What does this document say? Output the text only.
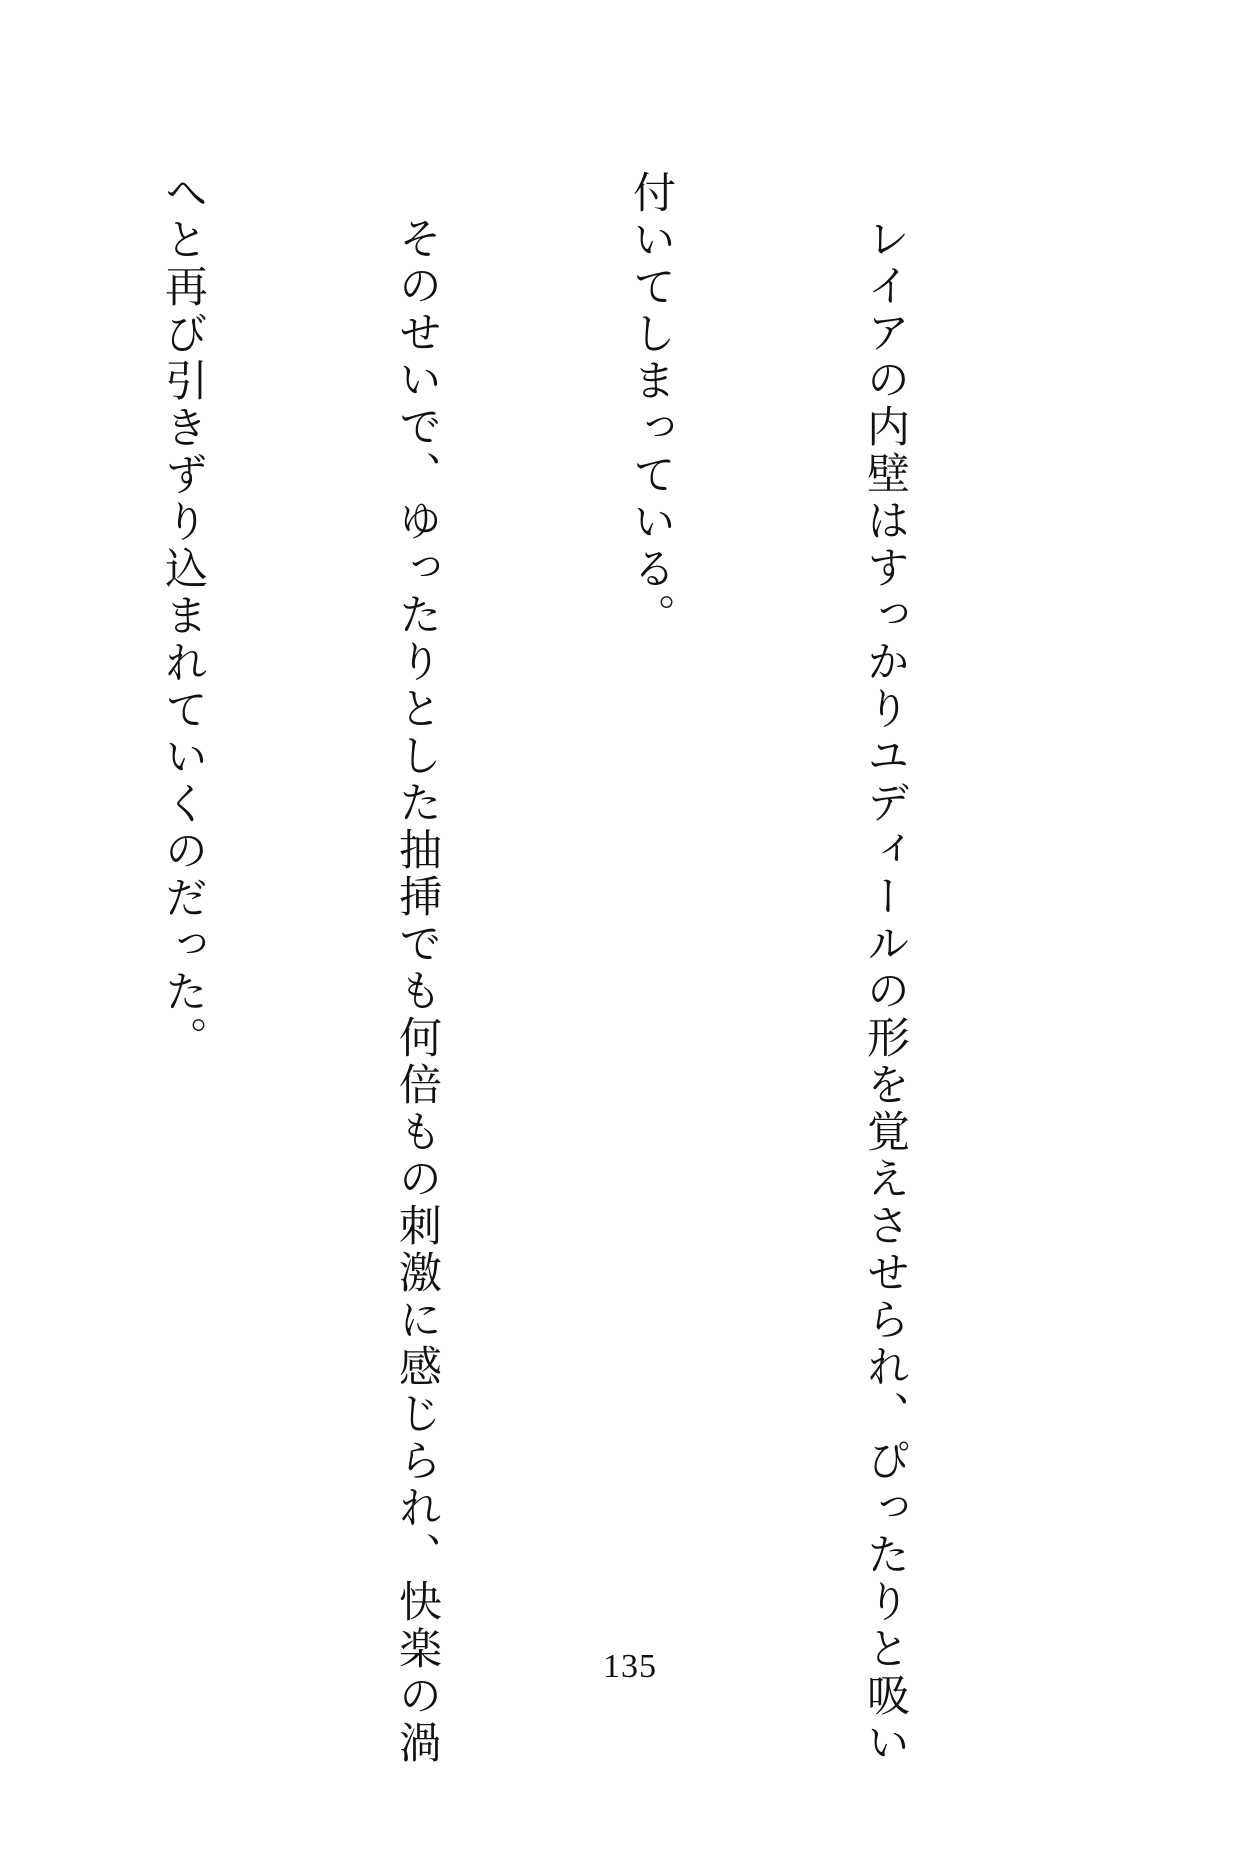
レイアの内壁はすっかりユディールの形を覚えさせられ、ぴったりと吸い

付いてしまっている。

そのせいで、ゆったりとした抽挿でも何倍もの刺激に感じられ、快楽の渦

へと再び引きずり込まれていくのだった。

135
